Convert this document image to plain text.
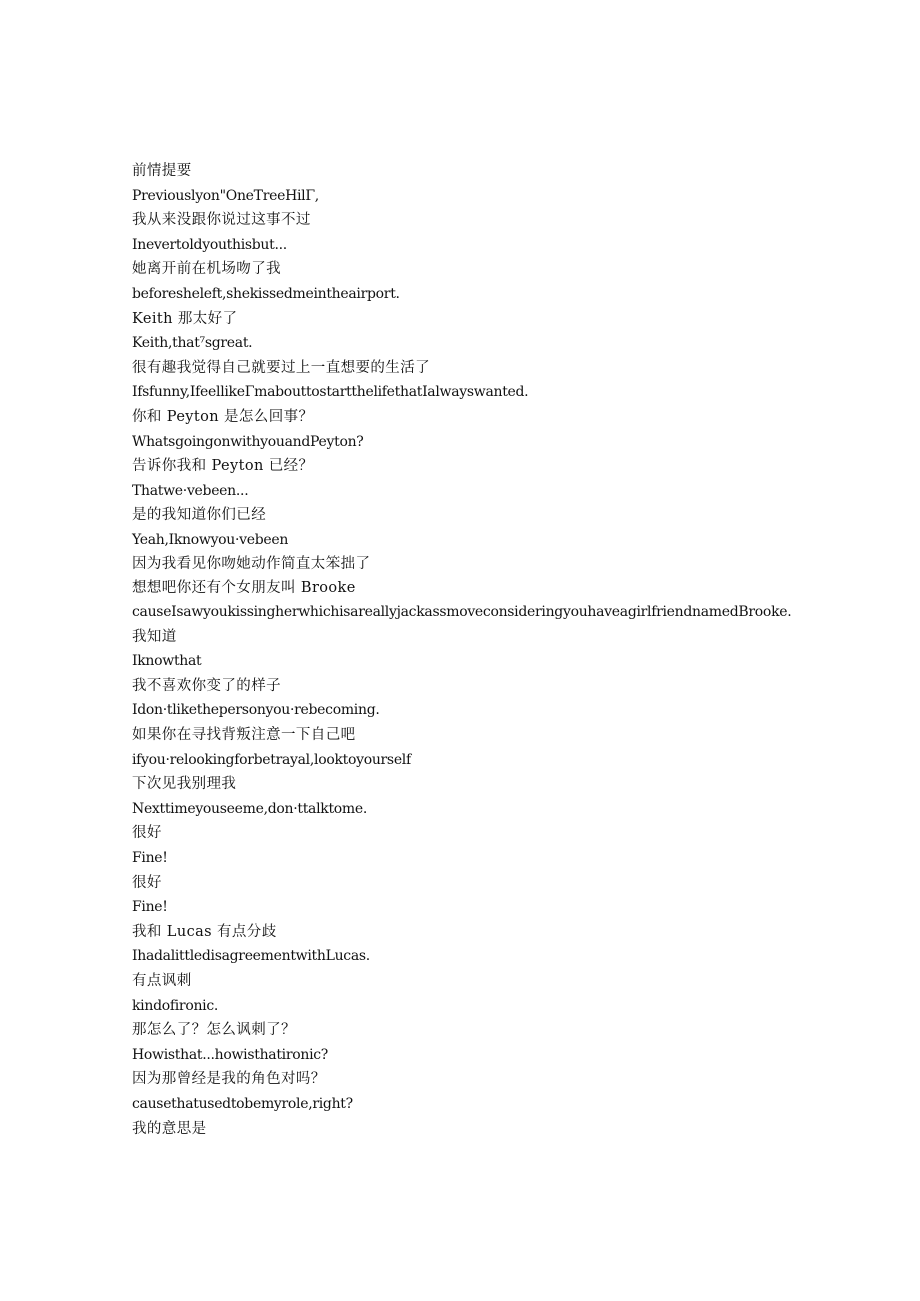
前情提要
Previouslyon"OneTreeHilΓ,
我从来没跟你说过这事不过
Inevertoldyouthisbut...
她离开前在机场吻了我
beforesheleft,shekissedmeintheairport.
Keith 那太好了
Keith,that⁷sgreat.
很有趣我觉得自己就要过上一直想要的生活了
Ifsfunny,IfeellikeΓmabouttostartthelifethatIalwayswanted.
你和 Peyton 是怎么回事？
WhatsgoingonwithyouandPeyton?
告诉你我和 Peyton 已经？
Thatwe·vebeen...
是的我知道你们已经
Yeah,Iknowyou·vebeen
因为我看见你吻她动作简直太笨拙了
想想吧你还有个女朋友叫 Brooke
causeIsawyoukissingherwhichisareallyjackassmoveconsideringyouhaveagirlfriendnamedBrooke.
我知道
Iknowthat
我不喜欢你变了的样子
Idon·tlikethepersonyou·rebecoming.
如果你在寻找背叛注意一下自己吧
ifyou·relookingforbetrayal,looktoyourself
下次见我别理我
Nexttimeyouseeme,don·ttalktome.
很好
Fine!
很好
Fine!
我和 Lucas 有点分歧
IhadalittledisagreementwithLucas.
有点讽刺
kindofironic.
那怎么了？怎么讽刺了？
Howisthat...howisthatironic?
因为那曾经是我的角色对吗？
causethatusedtobemyrole,right?
我的意思是
